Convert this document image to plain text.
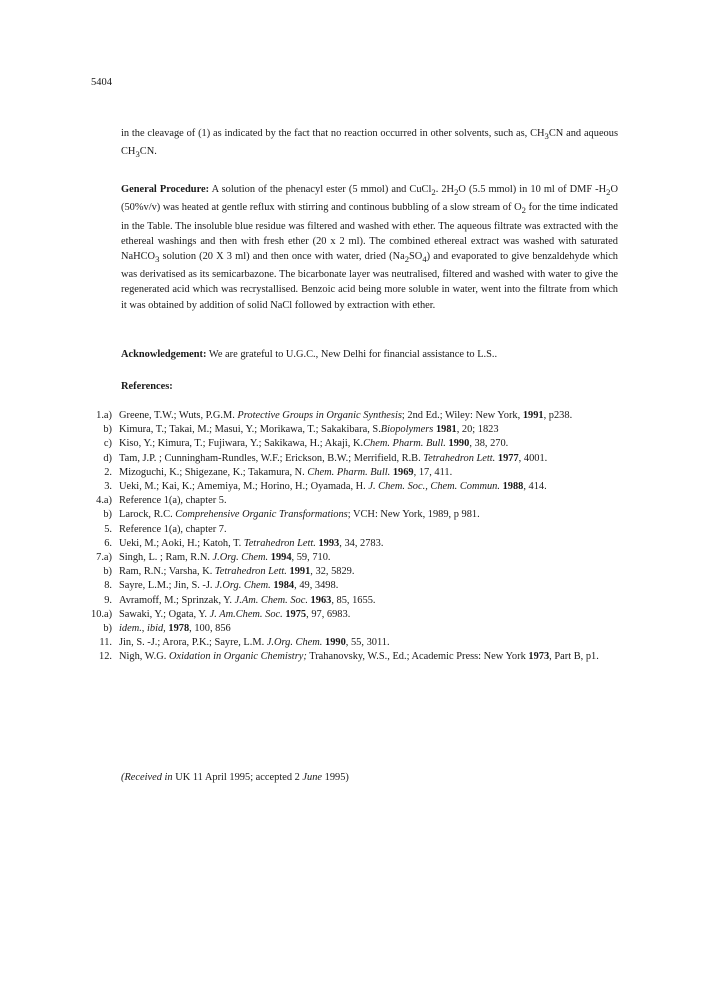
5404
in the cleavage of (1) as indicated by the fact that no reaction occurred in other solvents, such as, $CH_3CN$ and aqueous $CH_3CN$.
General Procedure: A solution of the phenacyl ester (5 mmol) and CuCl$_2$. $2H_2O$ (5.5 mmol) in 10 ml of DMF $-H_2O$ (50%v/v) was heated at gentle reflux with stirring and continous bubbling of a slow stream of $O_2$ for the time indicated in the Table. The insoluble blue residue was filtered and washed with ether. The aqueous filtrate was extracted with the ethereal washings and then with fresh ether (20 x 2 ml). The combined ethereal extract was washed with saturated NaHCO$_3$ solution (20 X 3 ml) and then once with water, dried $(Na_2SO_4)$ and evaporated to give benzaldehyde which was derivatised as its semicarbazone. The bicarbonate layer was neutralised, filtered and washed with water to give the regenerated acid which was recrystallised. Benzoic acid being more soluble in water, went into the filtrate from which it was obtained by addition of solid NaCl followed by extraction with ether.
Acknowledgement: We are grateful to U.G.C., New Delhi for financial assistance to L.S..
References:
1.a) Greene, T.W.; Wuts, P.G.M. Protective Groups in Organic Synthesis; 2nd Ed.; Wiley: New York, 1991, p238.
b) Kimura, T.; Takai, M.; Masui, Y.; Morikawa, T.; Sakakibara, S.Biopolymers 1981, 20; 1823
c) Kiso, Y.; Kimura, T.; Fujiwara, Y.; Sakikawa, H.; Akaji, K.Chem. Pharm. Bull. 1990, 38, 270.
d) Tam, J.P. ; Cunningham-Rundles, W.F.; Erickson, B.W.; Merrifield, R.B. Tetrahedron Lett. 1977, 4001.
2. Mizoguchi, K.; Shigezane, K.; Takamura, N. Chem. Pharm. Bull. 1969, 17, 411.
3. Ueki, M.; Kai, K.; Amemiya, M.; Horino, H.; Oyamada, H. J. Chem. Soc., Chem. Commun. 1988, 414.
4.a) Reference 1(a), chapter 5.
b) Larock, R.C. Comprehensive Organic Transformations; VCH: New York, 1989, p 981.
5. Reference 1(a), chapter 7.
6. Ueki, M.; Aoki, H.; Katoh, T. Tetrahedron Lett. 1993, 34, 2783.
7.a) Singh, L. ; Ram, R.N. J.Org. Chem. 1994, 59, 710.
b) Ram, R.N.; Varsha, K. Tetrahedron Lett. 1991, 32, 5829.
8. Sayre, L.M.; Jin, S. -J. J.Org. Chem. 1984, 49, 3498.
9. Avramoff, M.; Sprinzak, Y. J.Am. Chem. Soc. 1963, 85, 1655.
10.a) Sawaki, Y.; Ogata, Y. J. Am.Chem. Soc. 1975, 97, 6983.
b) idem., ibid, 1978, 100, 856
11. Jin, S. -J.; Arora, P.K.; Sayre, L.M. J.Org. Chem. 1990, 55, 3011.
12. Nigh, W.G. Oxidation in Organic Chemistry; Trahanovsky, W.S., Ed.; Academic Press: New York 1973, Part B, p1.
(Received in UK 11 April 1995; accepted 2 June 1995)
